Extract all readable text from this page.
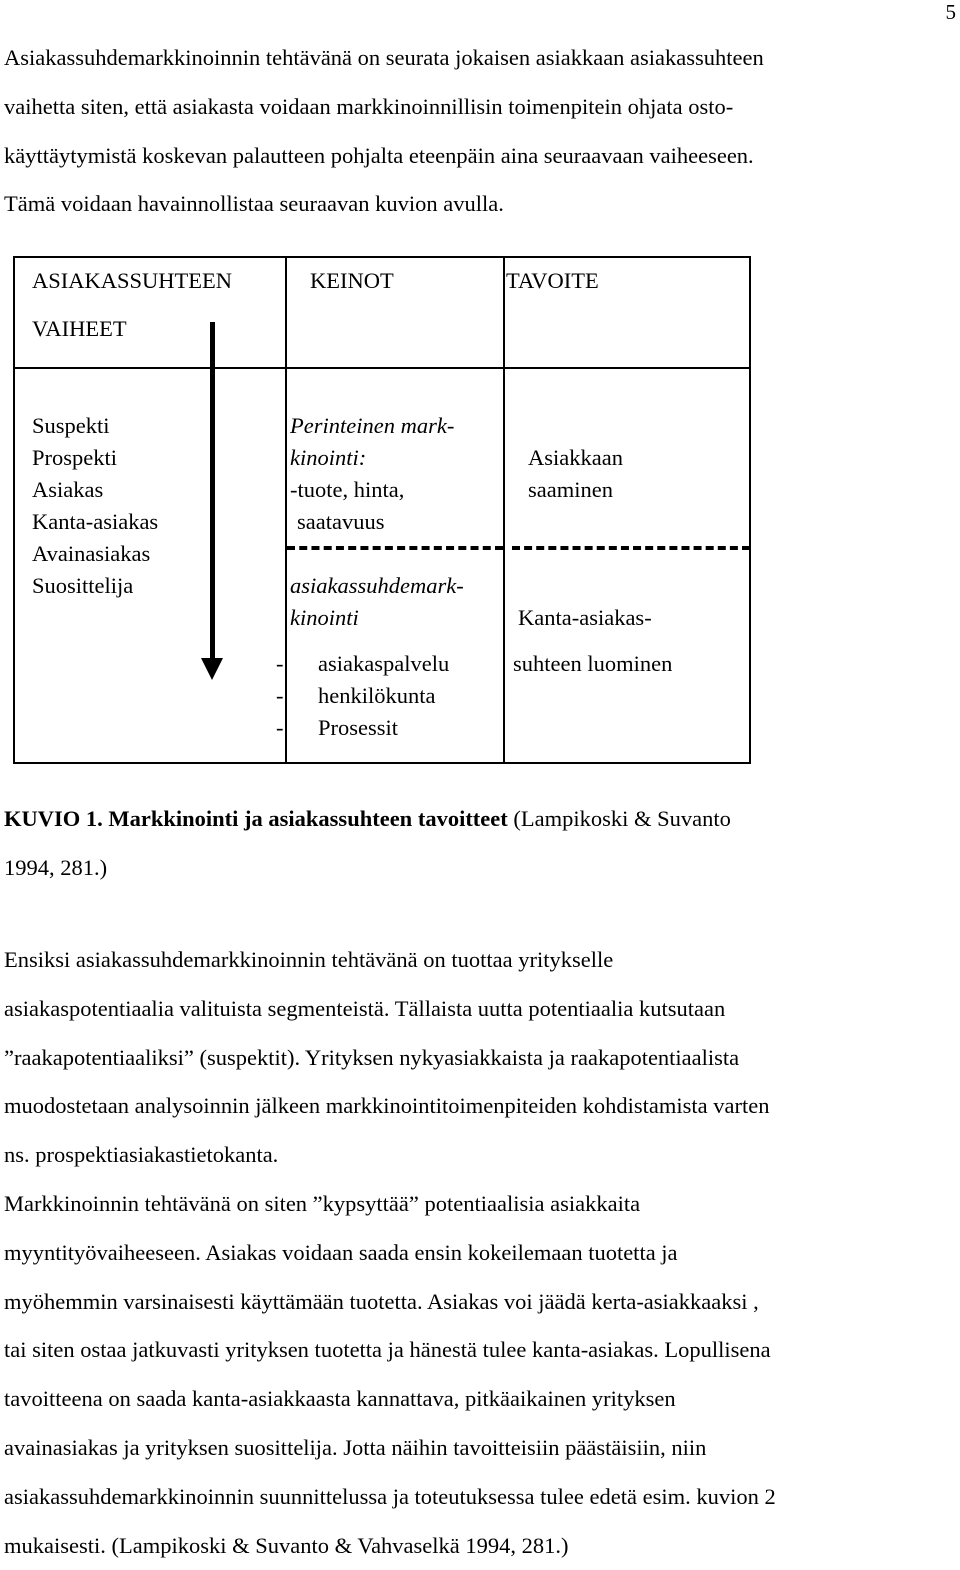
5
Asiakassuhdemarkkinoinnin tehtävänä on seurata jokaisen asiakkaan asiakassuhteen
vaihetta siten, että asiakasta voidaan markkinoinnillisin toimenpitein ohjata osto-
käyttäytymistä koskevan palautteen pohjalta eteenpäin aina seuraavaan vaiheeseen.
Tämä voidaan havainnollistaa seuraavan kuvion avulla.
ASIAKASSUHTEEN
VAIHEET
KEINOT	TAVOITE
Suspekti
Prospekti
Asiakas
Kanta-asiakas
Avainasiakas
Suosittelija
Perinteinen mark-
kinointi:
-tuote, hinta,
saatavuus
asiakassuhdemark-
kinointi
-
-
-
asiakaspalvelu
henkilökunta
Prosessit
Asiakkaan
saaminen
Kanta-asiakas-
suhteen luominen
KUVIO 1. Markkinointi ja asiakassuhteen tavoitteet (Lampikoski & Suvanto
1994, 281.)
Ensiksi asiakassuhdemarkkinoinnin tehtävänä on tuottaa yritykselle
asiakaspotentiaalia valituista segmenteistä. Tällaista uutta potentiaalia kutsutaan
”raakapotentiaaliksi” (suspektit). Yrityksen nykyasiakkaista ja raakapotentiaalista
muodostetaan analysoinnin jälkeen markkinointitoimenpiteiden kohdistamista varten
ns. prospektiasiakastietokanta.
Markkinoinnin tehtävänä on siten ”kypsyttää” potentiaalisia asiakkaita
myyntityövaiheeseen. Asiakas voidaan saada ensin kokeilemaan tuotetta ja
myöhemmin varsinaisesti käyttämään tuotetta. Asiakas voi jäädä kerta-asiakkaaksi ,
tai siten ostaa jatkuvasti yrityksen tuotetta ja hänestä tulee kanta-asiakas. Lopullisena
tavoitteena on saada kanta-asiakkaasta kannattava, pitkäaikainen yrityksen
avainasiakas ja yrityksen suosittelija. Jotta näihin tavoitteisiin päästäisiin, niin
asiakassuhdemarkkinoinnin suunnittelussa ja toteutuksessa tulee edetä esim. kuvion 2
mukaisesti. (Lampikoski & Suvanto & Vahvaselkä 1994, 281.)
